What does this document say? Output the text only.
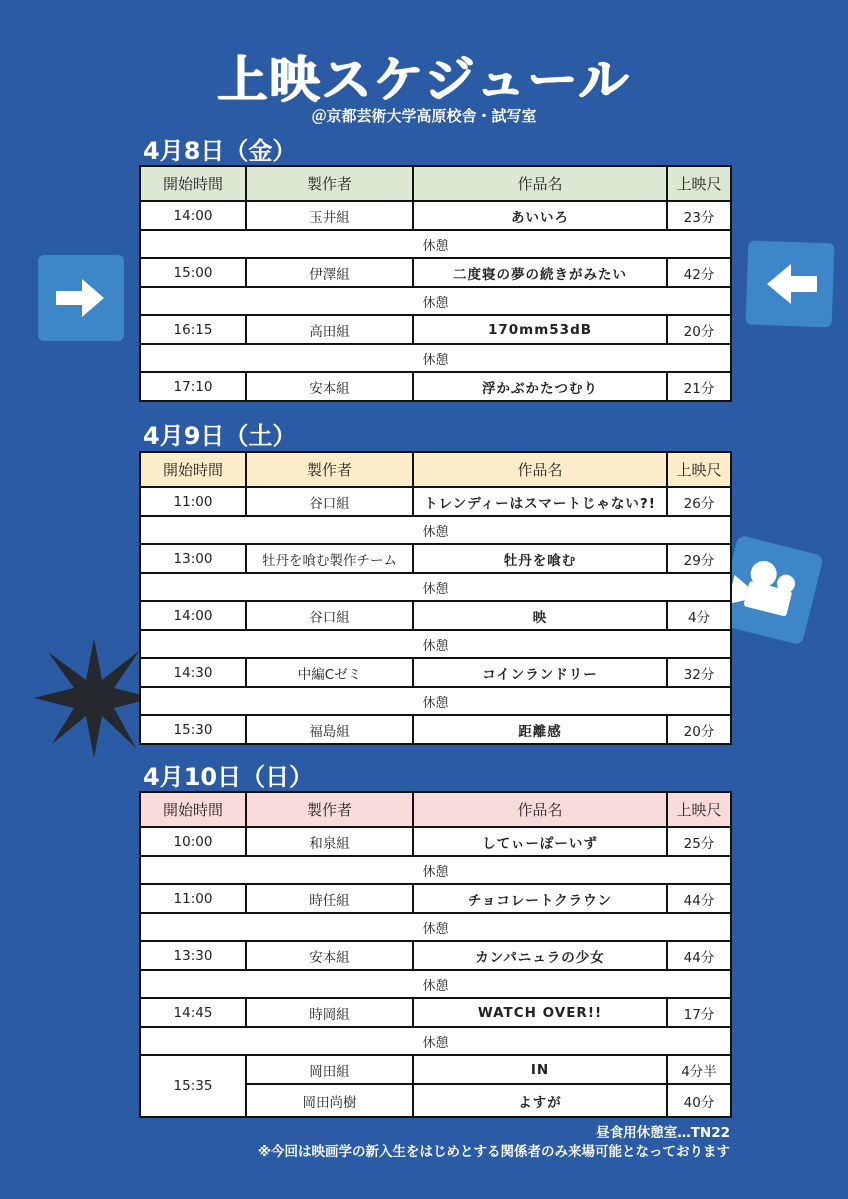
上映スケジュール
＠京都芸術大学高原校舎・試写室
4月8日（金）
開始時間	製作者	作品名	上映尺
14:00	玉井組	あいいろ	23分
休憩			
15:00	伊澤組	二度寝の夢の続きがみたい	42分
休憩			
16:15	高田組	170mm53dB	20分
休憩			
17:10	安本組	浮かぶかたつむり	21分
4月9日（土）
開始時間	製作者	作品名	上映尺
11:00	谷口組	トレンディーはスマートじゃない?!	26分
休憩			
13:00	牡丹を喰む製作チーム	牡丹を喰む	29分
休憩			
14:00	谷口組	映	4分
休憩			
14:30	中編Cゼミ	コインランドリー	32分
休憩			
15:30	福島組	距離感	20分
4月10日（日）
開始時間	製作者	作品名	上映尺
10:00	和泉組	してぃーぽーいず	25分
休憩			
11:00	時任組	チョコレートクラウン	44分
休憩			
13:30	安本組	カンパニュラの少女	44分
休憩			
14:45	時岡組	WATCH OVER!!	17分
休憩			
15:35	岡田組	IN	4分半
	岡田尚樹	よすが	40分
昼食用休憩室…TN22
※今回は映画学の新入生をはじめとする関係者のみ来場可能となっております
